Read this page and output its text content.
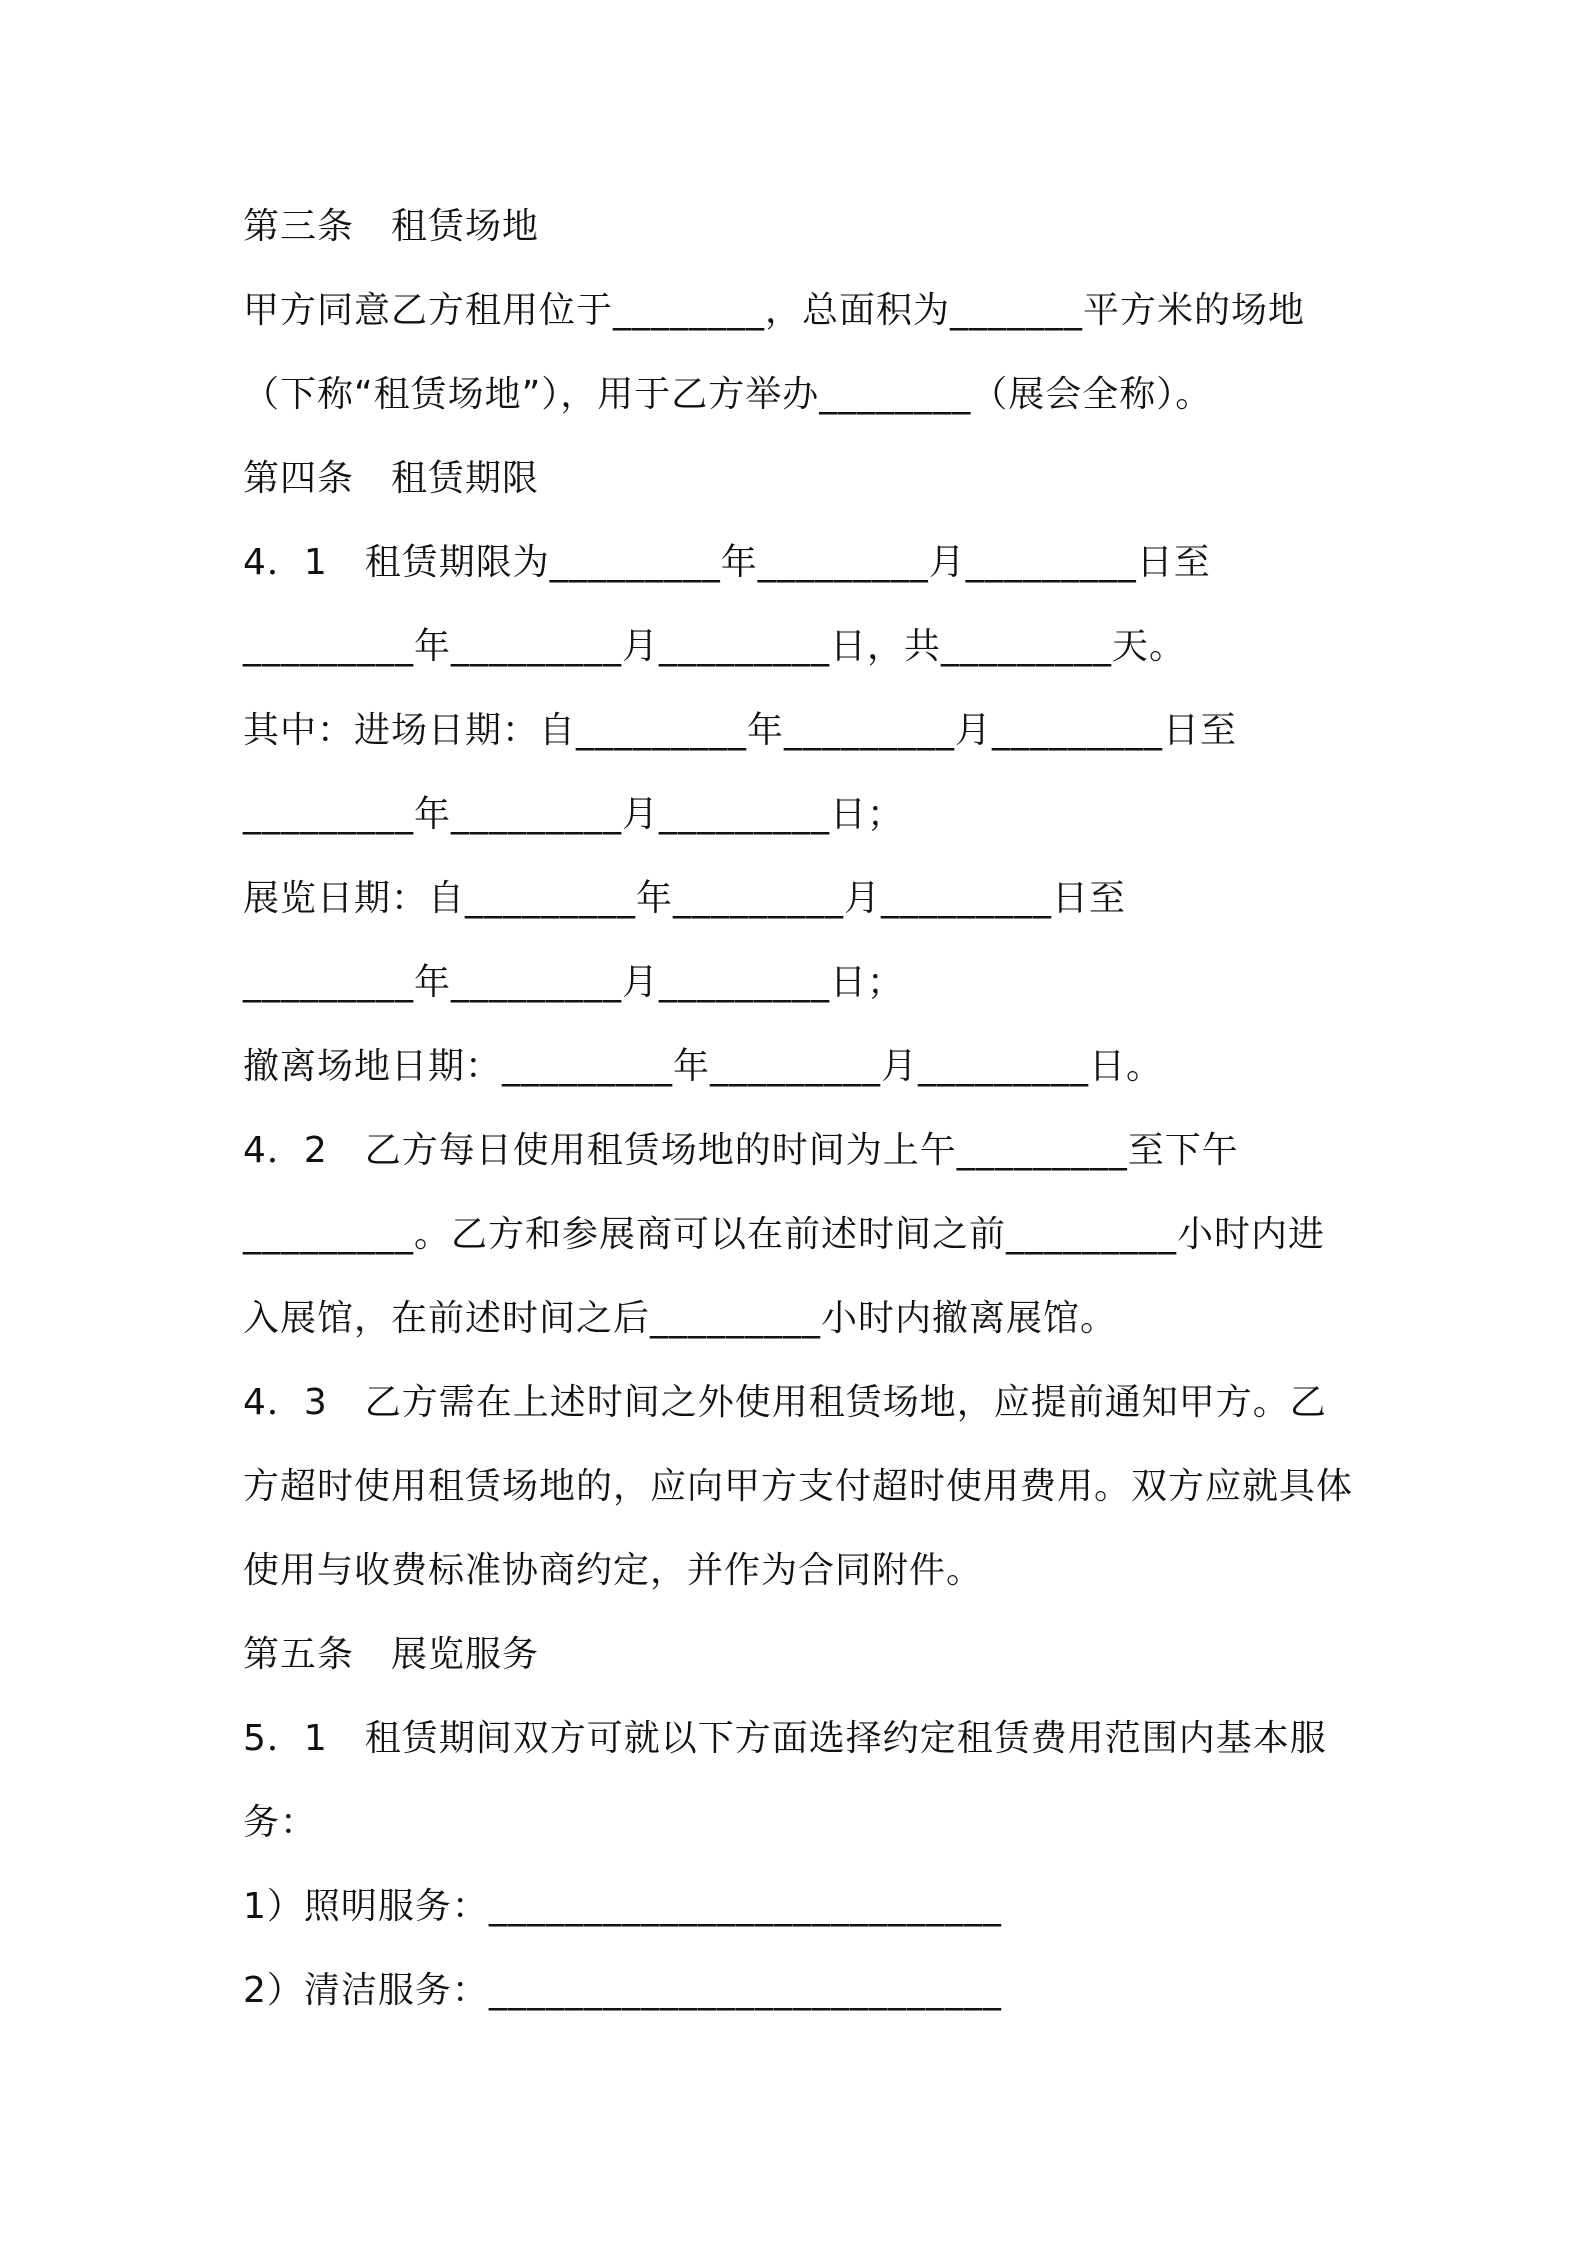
第三条　租赁场地
甲方同意乙方租用位于________，总面积为_______平方米的场地
（下称“租赁场地”），用于乙方举办________（展会全称）。
第四条　租赁期限
4．1　租赁期限为_________年_________月_________日至
_________年_________月_________日，共_________天。
其中：进场日期：自_________年_________月_________日至
_________年_________月_________日；
展览日期：自_________年_________月_________日至
_________年_________月_________日；
撤离场地日期：_________年_________月_________日。
4．2　乙方每日使用租赁场地的时间为上午_________至下午
_________。乙方和参展商可以在前述时间之前_________小时内进
入展馆，在前述时间之后_________小时内撤离展馆。
4．3　乙方需在上述时间之外使用租赁场地，应提前通知甲方。乙
方超时使用租赁场地的，应向甲方支付超时使用费用。双方应就具体
使用与收费标准协商约定，并作为合同附件。
第五条　展览服务
5．1　租赁期间双方可就以下方面选择约定租赁费用范围内基本服
务：
1）照明服务：___________________________
2）清洁服务：___________________________
